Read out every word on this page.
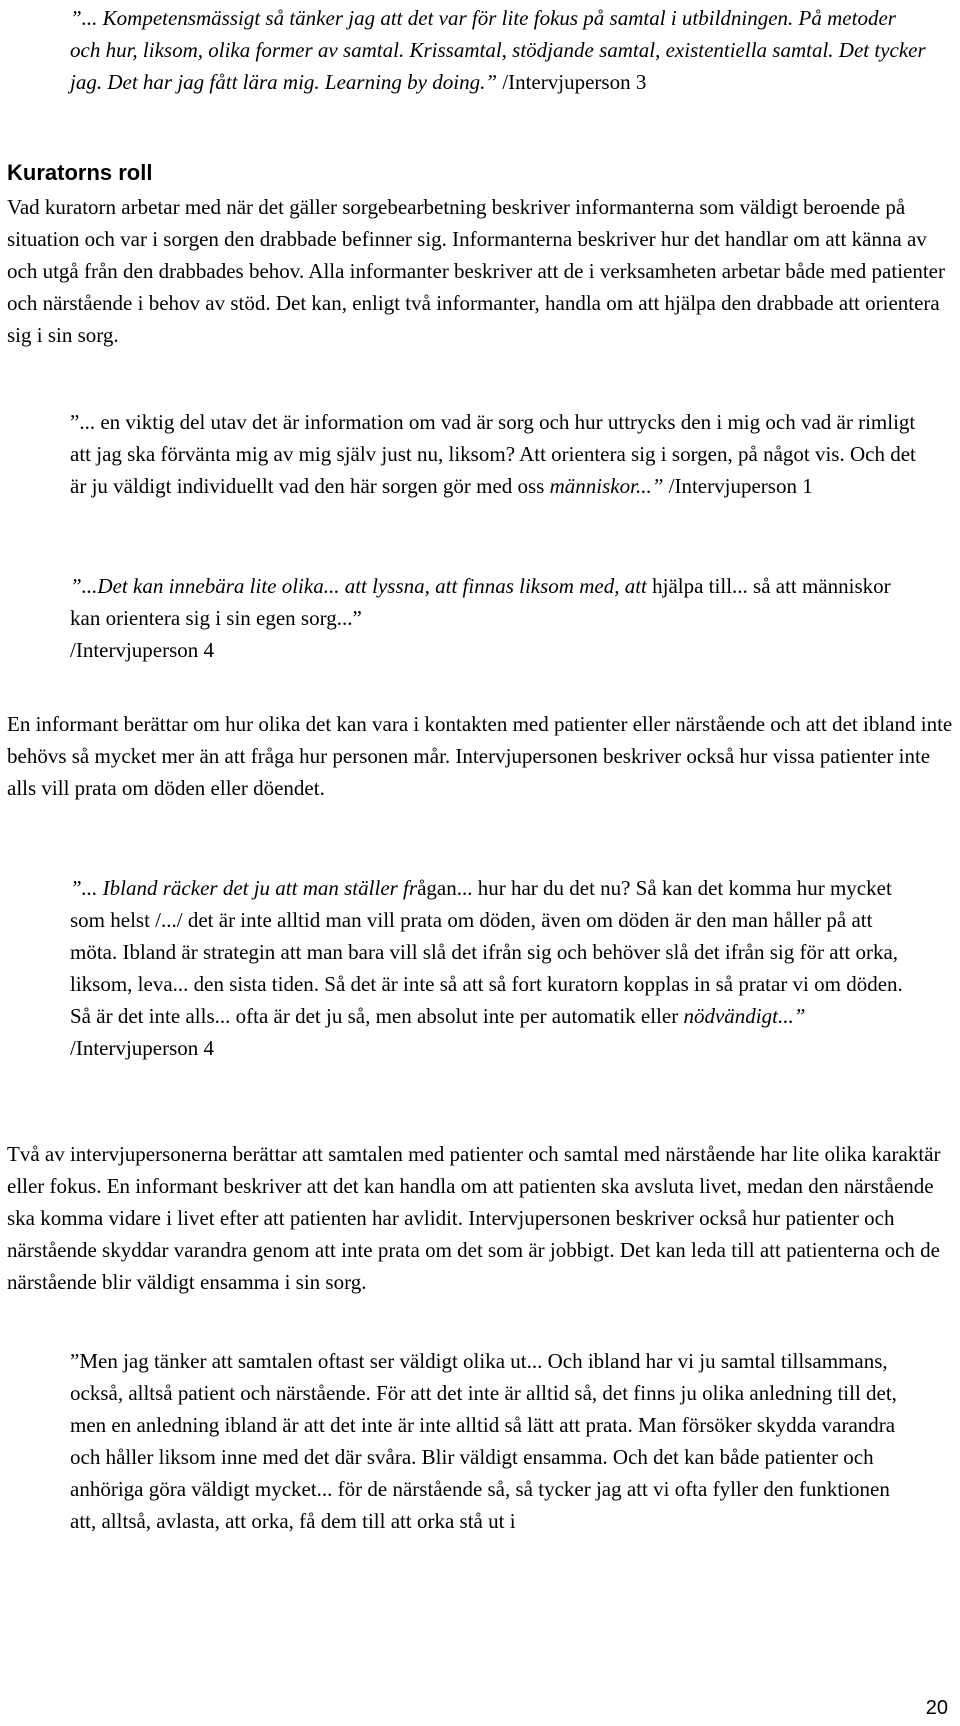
”... Kompetensmässigt så tänker jag att det var för lite fokus på samtal i utbildningen. På metoder och hur, liksom, olika former av samtal. Krissamtal, stödjande samtal, existentiella samtal. Det tycker jag. Det har jag fått lära mig. Learning by doing.” /Intervjuperson 3

Kuratorns roll

Vad kuratorn arbetar med när det gäller sorgebearbetning beskriver informanterna som väldigt beroende på situation och var i sorgen den drabbade befinner sig. Informanterna beskriver hur det handlar om att känna av och utgå från den drabbades behov. Alla informanter beskriver att de i verksamheten arbetar både med patienter och närstående i behov av stöd. Det kan, enligt två informanter, handla om att hjälpa den drabbade att orientera sig i sin sorg.

”... en viktig del utav det är information om vad är sorg och hur uttrycks den i mig och vad är rimligt att jag ska förvänta mig av mig själv just nu, liksom? Att orientera sig i sorgen, på något vis. Och det är ju väldigt individuellt vad den här sorgen gör med oss människor...” /Intervjuperson 1

”...Det kan innebära lite olika... att lyssna, att finnas liksom med, att hjälpa till... så att människor kan orientera sig i sin egen sorg...”
/Intervjuperson 4

En informant berättar om hur olika det kan vara i kontakten med patienter eller närstående och att det ibland inte behövs så mycket mer än att fråga hur personen mår. Intervjupersonen beskriver också hur vissa patienter inte alls vill prata om döden eller döendet.

”... Ibland räcker det ju att man ställer frågan... hur har du det nu? Så kan det komma hur mycket som helst /.../ det är inte alltid man vill prata om döden, även om döden är den man håller på att möta. Ibland är strategin att man bara vill slå det ifrån sig och behöver slå det ifrån sig för att orka, liksom, leva... den sista tiden. Så det är inte så att så fort kuratorn kopplas in så pratar vi om döden. Så är det inte alls... ofta är det ju så, men absolut inte per automatik eller nödvändigt...” /Intervjuperson 4

Två av intervjupersonerna berättar att samtalen med patienter och samtal med närstående har lite olika karaktär eller fokus. En informant beskriver att det kan handla om att patienten ska avsluta livet, medan den närstående ska komma vidare i livet efter att patienten har avlidit. Intervjupersonen beskriver också hur patienter och närstående skyddar varandra genom att inte prata om det som är jobbigt. Det kan leda till att patienterna och de närstående blir väldigt ensamma i sin sorg.

”Men jag tänker att samtalen oftast ser väldigt olika ut... Och ibland har vi ju samtal tillsammans, också, alltså patient och närstående. För att det inte är alltid så, det finns ju olika anledning till det, men en anledning ibland är att det inte är inte alltid så lätt att prata. Man försöker skydda varandra och håller liksom inne med det där svåra. Blir väldigt ensamma. Och det kan både patienter och anhöriga göra väldigt mycket... för de närstående så, så tycker jag att vi ofta fyller den funktionen att, alltså, avlasta, att orka, få dem till att orka stå ut i

20
